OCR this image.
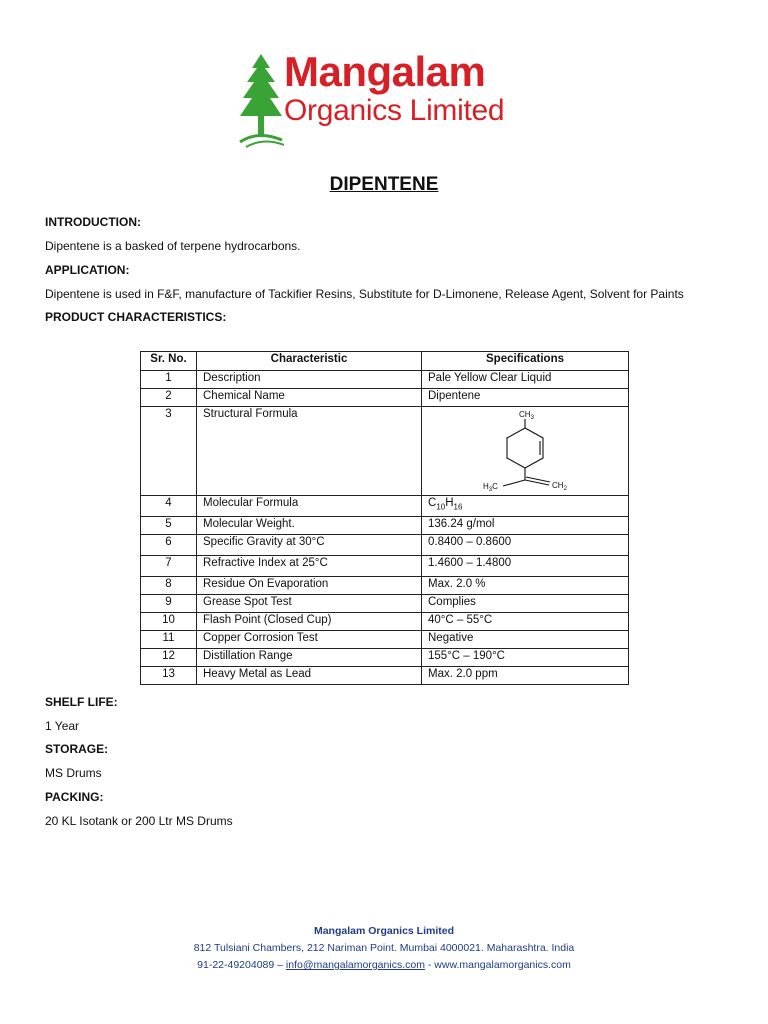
Mangalam
Organics Limited
DIPENTENE
INTRODUCTION:
Dipentene is a basked of terpene hydrocarbons.
APPLICATION:
Dipentene is used in F&F, manufacture of Tackifier Resins, Substitute for D-Limonene, Release Agent, Solvent for Paints
PRODUCT CHARACTERISTICS:
Sr. No.	Characteristic	Specifications
1	Description	Pale Yellow Clear Liquid
2	Chemical Name	Dipentene
3	Structural Formula	$CH_3$
$H_3C$ $CH_2$

4	Molecular Formula	$C_{10}H_{16}$
5	Molecular Weight.	136.24 g/mol
6	Specific Gravity at 30°C	0.8400 – 0.8600
7	Refractive Index at 25°C	1.4600 – 1.4800
8	Residue On Evaporation	Max. 2.0 %
9	Grease Spot Test	Complies
10	Flash Point (Closed Cup)	40°C – 55°C
11	Copper Corrosion Test	Negative
12	Distillation Range	155°C – 190°C
13	Heavy Metal as Lead	Max. 2.0 ppm
SHELF LIFE:
1 Year
STORAGE:
MS Drums
PACKING:
20 KL Isotank or 200 Ltr MS Drums
Mangalam Organics Limited
812 Tulsiani Chambers, 212 Nariman Point. Mumbai 4000021. Maharashtra. India
91-22-49204089 – info@mangalamorganics.com - www.mangalamorganics.com
